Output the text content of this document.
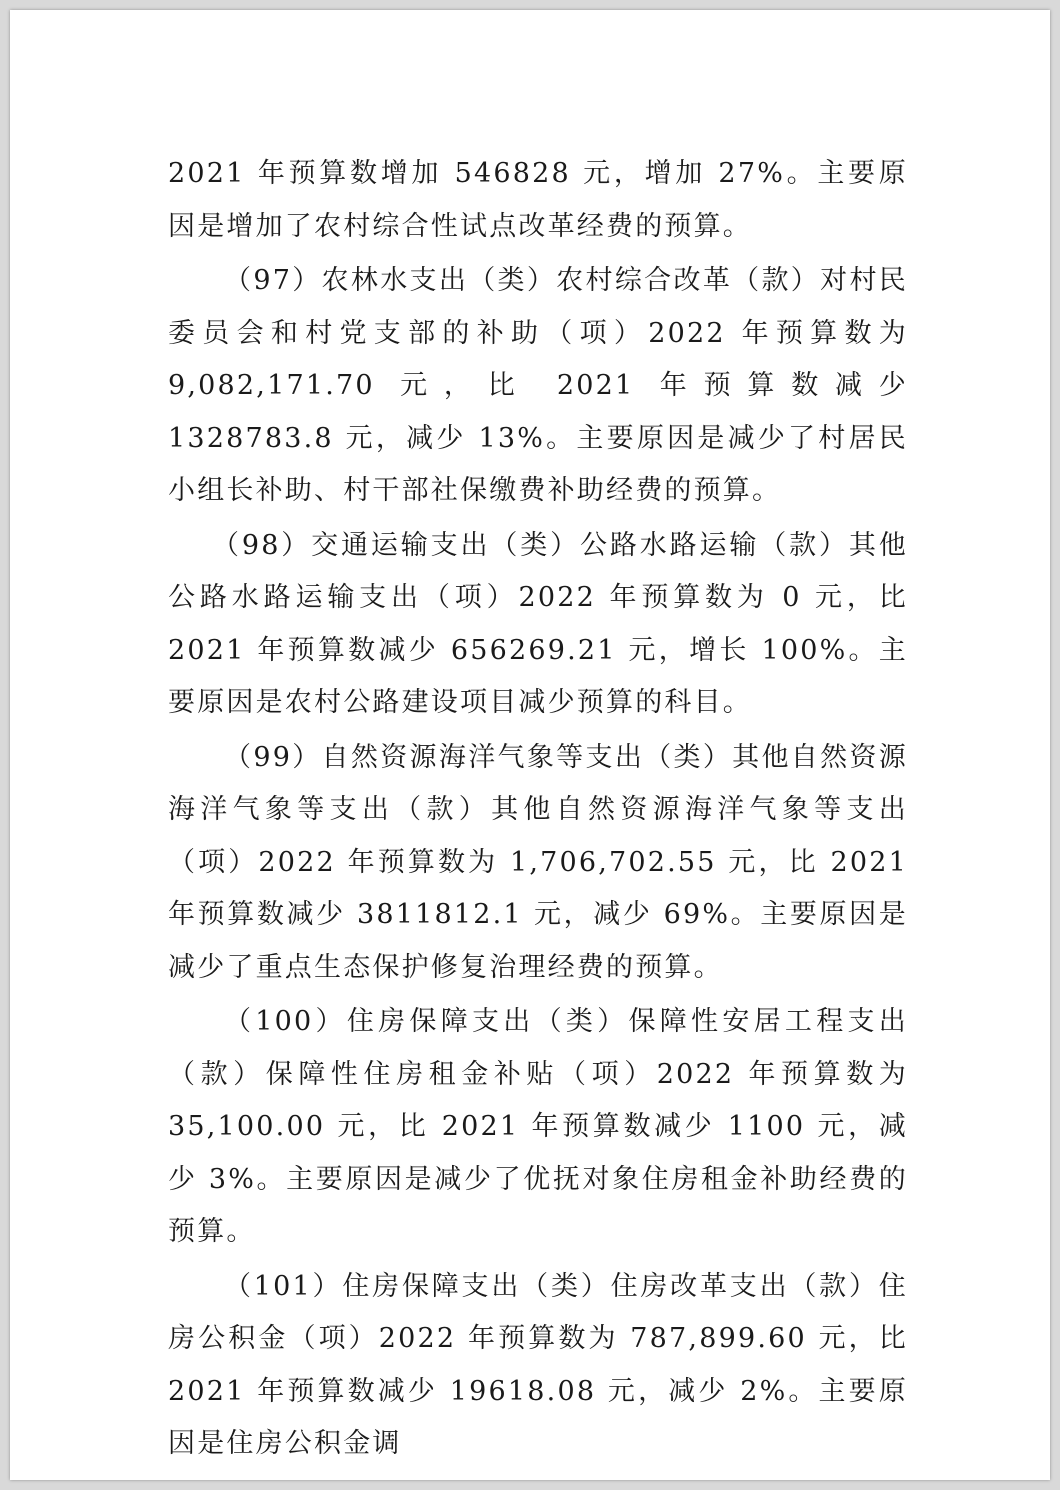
2021 年预算数增加 546828 元，增加 27%。主要原因是增加了农村综合性试点改革经费的预算。

（97）农林水支出（类）农村综合改革（款）对村民委员会和村党支部的补助（项）2022 年预算数为 9,082,171.70 元，比 2021 年预算数减少 1328783.8 元，减少 13%。主要原因是减少了村居民小组长补助、村干部社保缴费补助经费的预算。

（98）交通运输支出（类）公路水路运输（款）其他公路水路运输支出（项）2022 年预算数为 0 元，比 2021 年预算数减少 656269.21 元，增长 100%。主要原因是农村公路建设项目减少预算的科目。

（99）自然资源海洋气象等支出（类）其他自然资源海洋气象等支出（款）其他自然资源海洋气象等支出（项）2022 年预算数为 1,706,702.55 元，比 2021 年预算数减少 3811812.1 元，减少 69%。主要原因是减少了重点生态保护修复治理经费的预算。

（100）住房保障支出（类）保障性安居工程支出（款）保障性住房租金补贴（项）2022 年预算数为 35,100.00 元，比 2021 年预算数减少 1100 元，减少 3%。主要原因是减少了优抚对象住房租金补助经费的预算。

（101）住房保障支出（类）住房改革支出（款）住房公积金（项）2022 年预算数为 787,899.60 元，比 2021 年预算数减少 19618.08 元，减少 2%。主要原因是住房公积金调
